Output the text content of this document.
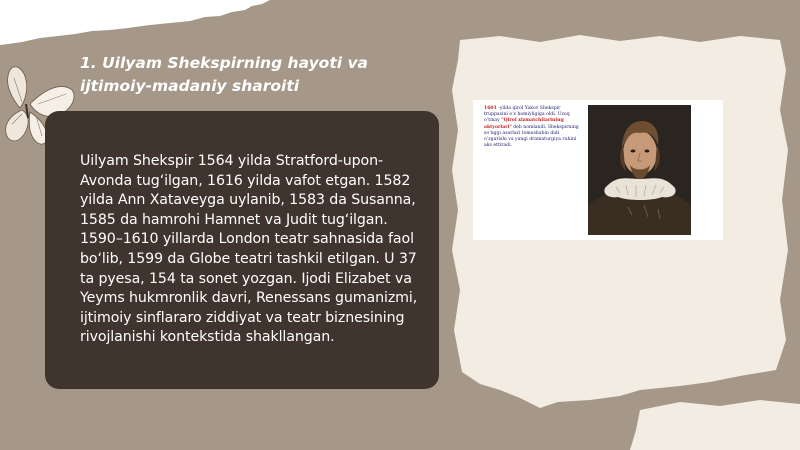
1. Uilyam Shekspirning hayoti va ijtimoiy-madaniy sharoiti

Uilyam Shekspir 1564 yilda Stratford-upon-Avonda tug‘ilgan, 1616 yilda vafot etgan. 1582 yilda Ann Xataveyga uylanib, 1583 da Susanna, 1585 da hamrohi Hamnet va Judit tug‘ilgan. 1590–1610 yillarda London teatr sahnasida faol bo‘lib, 1599 da Globe teatri tashkil etilgan. U 37 ta pyesa, 154 ta sonet yozgan. Ijodi Elizabet va Yeyms hukmronlik davri, Renessans gumanizmi, ijtimoiy sinflararo ziddiyat va teatr biznesining rivojlanishi kontekstida shakllangan.

1601 -yilda qirol Yakov Shekspir truppasini o‘z homiyligiga oldi. Uzoq o‘tmay "Qirol xizmatchilarining aktyorlari" deb nomlandi. Shekspirning so‘nggi asarlari tomoshabin didi o‘zgarishi va yangi dramaturgiya ruhini aks ettiradi.
